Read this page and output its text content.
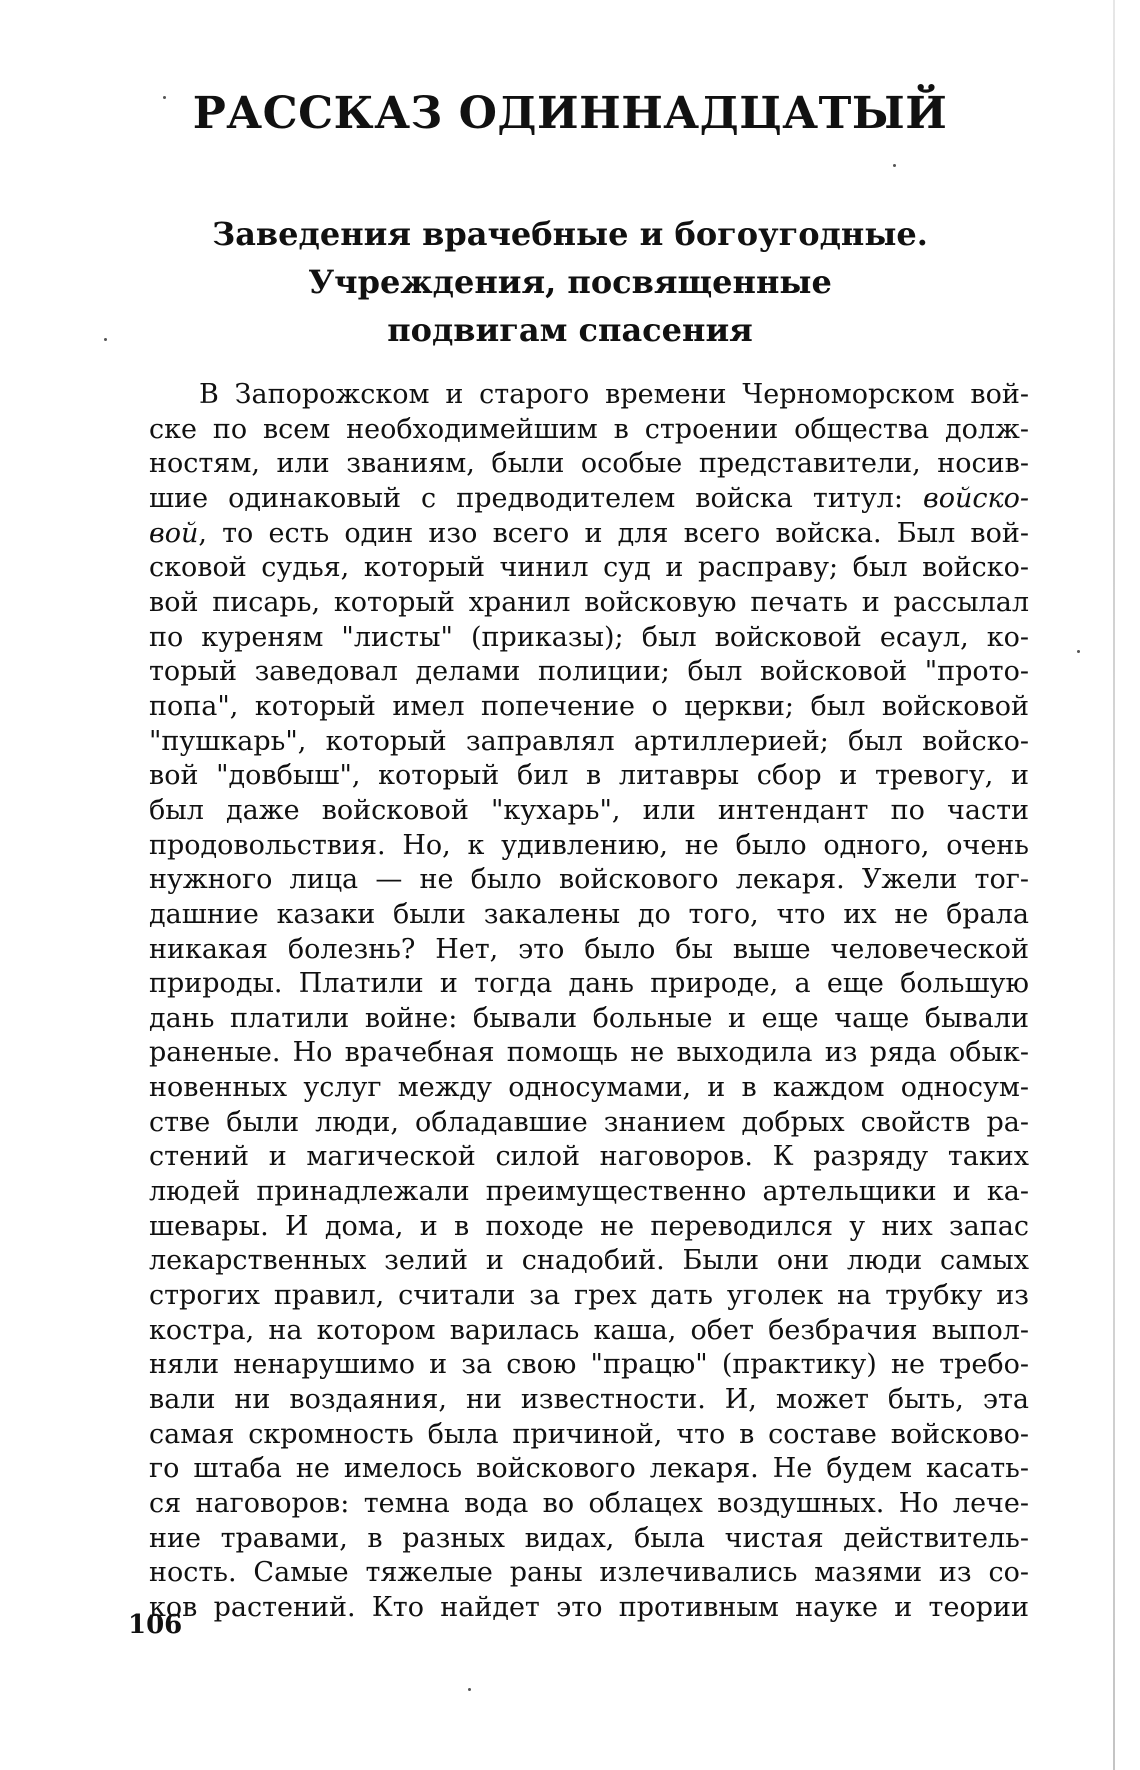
РАССКАЗ ОДИННАДЦАТЫЙ
Заведения врачебные и богоугодные.
Учреждения, посвященные
подвигам спасения
В Запорожском и старого времени Черноморском вой-
ске по всем необходимейшим в строении общества долж-
ностям, или званиям, были особые представители, носив-
шие одинаковый с предводителем войска титул: войско-
вой, то есть один изо всего и для всего войска. Был вой-
сковой судья, который чинил суд и расправу; был войско-
вой писарь, который хранил войсковую печать и рассылал
по куреням "листы" (приказы); был войсковой есаул, ко-
торый заведовал делами полиции; был войсковой "прото-
попа", который имел попечение о церкви; был войсковой
"пушкарь", который заправлял артиллерией; был войско-
вой "довбыш", который бил в литавры сбор и тревогу, и
был даже войсковой "кухарь", или интендант по части
продовольствия. Но, к удивлению, не было одного, очень
нужного лица — не было войскового лекаря. Ужели тог-
дашние казаки были закалены до того, что их не брала
никакая болезнь? Нет, это было бы выше человеческой
природы. Платили и тогда дань природе, а еще большую
дань платили войне: бывали больные и еще чаще бывали
раненые. Но врачебная помощь не выходила из ряда обык-
новенных услуг между односумами, и в каждом односум-
стве были люди, обладавшие знанием добрых свойств ра-
стений и магической силой наговоров. К разряду таких
людей принадлежали преимущественно артельщики и ка-
шевары. И дома, и в походе не переводился у них запас
лекарственных зелий и снадобий. Были они люди самых
строгих правил, считали за грех дать уголек на трубку из
костра, на котором варилась каша, обет безбрачия выпол-
няли ненарушимо и за свою "працю" (практику) не требо-
вали ни воздаяния, ни известности. И, может быть, эта
самая скромность была причиной, что в составе войсково-
го штаба не имелось войскового лекаря. Не будем касать-
ся наговоров: темна вода во облацех воздушных. Но лече-
ние травами, в разных видах, была чистая действитель-
ность. Самые тяжелые раны излечивались мазями из со-
ков растений. Кто найдет это противным науке и теории
106
